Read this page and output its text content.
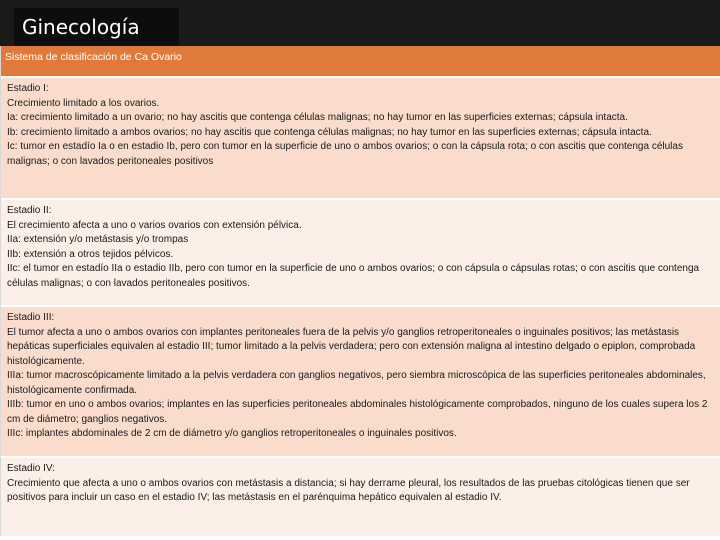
Ginecología
Sistema de clasificación de Ca Ovario

Estadio I:

Crecimiento limitado a los ovarios.

Ia: crecimiento limitado a un ovario; no hay ascitis que contenga células malignas; no hay tumor en las superficies externas; cápsula intacta.

Ib: crecimiento limitado a ambos ovarios; no hay ascitis que contenga células malignas; no hay tumor en las superficies externas; cápsula intacta.

Ic: tumor en estadío Ia o en estadio Ib, pero con tumor en la superficie de uno o ambos ovarios; o con la cápsula rota; o con ascitis que contenga células malignas; o con lavados peritoneales positivos

Estadio II:

El crecimiento afecta a uno o varios ovarios con extensión pélvica.

IIa: extensión y/o metástasis y/o trompas

IIb: extensión a otros tejidos pélvicos.

IIc: el tumor en estadío IIa o estadio IIb, pero con tumor en la superficie de uno o ambos ovarios; o con cápsula o cápsulas rotas; o con ascitis que contenga células malignas; o con lavados peritoneales positivos.

Estadio III:

El tumor afecta a uno o ambos ovarios con implantes peritoneales fuera de la pelvis y/o ganglios retroperitoneales o inguinales positivos; las metástasis hepáticas superficiales equivalen al estadio III; tumor limitado a la pelvis verdadera; pero con extensión maligna al intestino delgado o epiplon, comprobada histológicamente.

IIIa: tumor macroscópicamente limitado a la pelvis verdadera con ganglios negativos, pero siembra microscópica de las superficies peritoneales abdominales, histológicamente confirmada.

IIIb: tumor en uno o ambos ovarios; implantes en las superficies peritoneales abdominales histológicamente comprobados, ninguno de los cuales supera los 2 cm de diámetro; ganglios negativos.

IIIc: implantes abdominales de 2 cm de diámetro y/o ganglios retroperitoneales o inguinales positivos.

Estadio IV:

Crecimiento que afecta a uno o ambos ovarios con metástasis a distancia; si hay derrame pleural, los resultados de las pruebas citológicas tienen que ser positivos para incluir un caso en el estadio IV; las metástasis en el parénquima hepático equivalen al estadio IV.
